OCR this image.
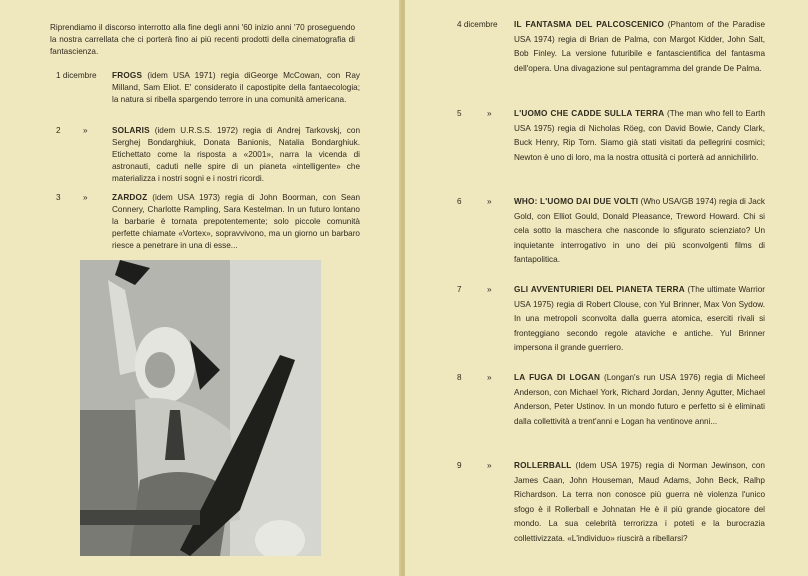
Riprendiamo il discorso interrotto alla fine degli anni '60 inizio anni '70 proseguendo la nostra carrellata che ci porterà fino ai più recenti prodotti della cinematografia di fantascienza.
1 dicembre FROGS (idem USA 1971) regia diGeorge McCowan, con Ray Milland, Sam Eliot. E' considerato il capostipite della fantaecologia; la natura si ribella spargendo terrore in una comunità americana.
2	»	SOLARIS (idem U.R.S.S. 1972) regia di Andrej Tarkovskj, con Serghej Bondarghiuk, Donata Banionis, Natalia Bondarghiuk. Etichettato come la risposta a «2001», narra la vicenda di astronauti, caduti nelle spire di un pianeta «intelligente» che materializza i nostri sogni e i nostri ricordi.
3	»	ZARDOZ (idem USA 1973) regia di John Boorman, con Sean Connery, Charlotte Rampling, Sara Kestelman. In un futuro lontano la barbarie è tornata prepotentemente; solo piccole comunità perfette chiamate «Vortex», sopravvivono, ma un giorno un barbaro riesce a penetrare in una di esse...
4 dicembre IL FANTASMA DEL PALCOSCENICO (Phantom of the Paradise USA 1974) regia di Brian de Palma, con Margot Kidder, John Salt, Bob Finley. La versione futuribile e fantascientifica del fantasma dell'opera. Una divagazione sul pentagramma del grande De Palma.
5	»	L'UOMO CHE CADDE SULLA TERRA (The man who fell to Earth USA 1975) regia di Nicholas Röeg, con David Bowie, Candy Clark, Buck Henry, Rip Torn. Siamo già stati visitati da pellegrini cosmici; Newton è uno di loro, ma la nostra ottusità ci porterà ad annichilirlo.
6	»	WHO: L'UOMO DAI DUE VOLTI (Who USA/GB 1974) regia di Jack Gold, con Elliot Gould, Donald Pleasance, Treword Howard. Chi si cela sotto la maschera che nasconde lo sfigurato scienziato? Un inquietante interrogativo in uno dei più sconvolgenti films di fantapolitica.
7	»	GLI AVVENTURIERI DEL PIANETA TERRA (The ultimate Warrior USA 1975) regia di Robert Clouse, con Yul Brinner, Max Von Sydow. In una metropoli sconvolta dalla guerra atomica, eserciti rivali si fronteggiano secondo regole ataviche e antiche. Yul Brinner impersona il grande guerriero.
8	»	LA FUGA DI LOGAN (Longan's run USA 1976) regia di Micheel Anderson, con Michael York, Richard Jordan, Jenny Agutter, Michael Anderson, Peter Ustinov. In un mondo futuro e perfetto si è eliminati dalla collettività a trent'anni e Logan ha ventinove anni...
9	»	ROLLERBALL (Idem USA 1975) regia di Norman Jewinson, con James Caan, John Houseman, Maud Adams, John Beck, Ralhp Richardson. La terra non conosce più guerra nè violenza l'unico sfogo è il Rollerball e Johnatan He è il più grande giocatore del mondo. La sua celebrità terrorizza i poteti e la burocrazia collettivizzata. «L'individuo» riuscirà a ribellarsi?
